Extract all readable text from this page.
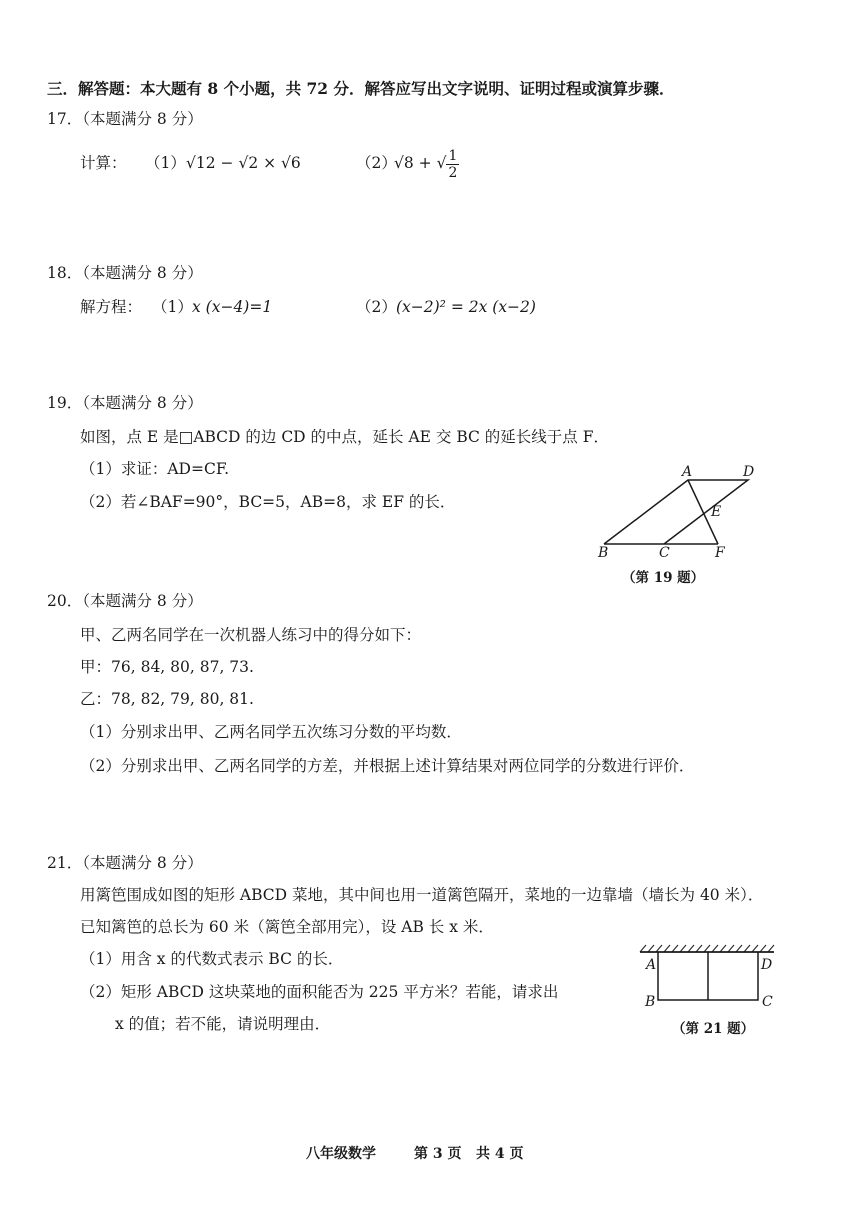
三．解答题：本大题有 8 个小题，共 72 分．解答应写出文字说明、证明过程或演算步骤．
17．（本题满分 8 分）
计算： （1） √12 − √2 × √6	（2）
√8 + √ $\frac{1}{2}$
18．（本题满分 8 分）
解方程： （1） x (x−4)=1	（2） (x−2)² = 2x (x−2)
19．（本题满分 8 分）
如图，点 E 是□ABCD 的边 CD 的中点，延长 AE 交 BC 的延长线于点 F．
（1）求证：AD=CF.
（2）若∠BAF=90°，BC=5，AB=8，求 EF 的长．
A	D
E
B	C	F
（第 19 题）
20．（本题满分 8 分）
甲、乙两名同学在一次机器人练习中的得分如下：
甲：76, 84, 80, 87, 73.
乙：78, 82, 79, 80, 81.
（1）分别求出甲、乙两名同学五次练习分数的平均数．
（2）分别求出甲、乙两名同学的方差，并根据上述计算结果对两位同学的分数进行评价．
21．（本题满分 8 分）
用篱笆围成如图的矩形 ABCD 菜地，其中间也用一道篱笆隔开，菜地的一边靠墙（墙长为 40 米）．
已知篱笆的总长为 60 米（篱笆全部用完），设 AB 长 x 米．
（1）用含 x 的代数式表示 BC 的长．
（2）矩形 ABCD 这块菜地的面积能否为 225 平方米？若能，请求出
x 的值；若不能，请说明理由．
A	D
B	C
（第 21 题）
八年级数学	第 3 页 共 4 页
